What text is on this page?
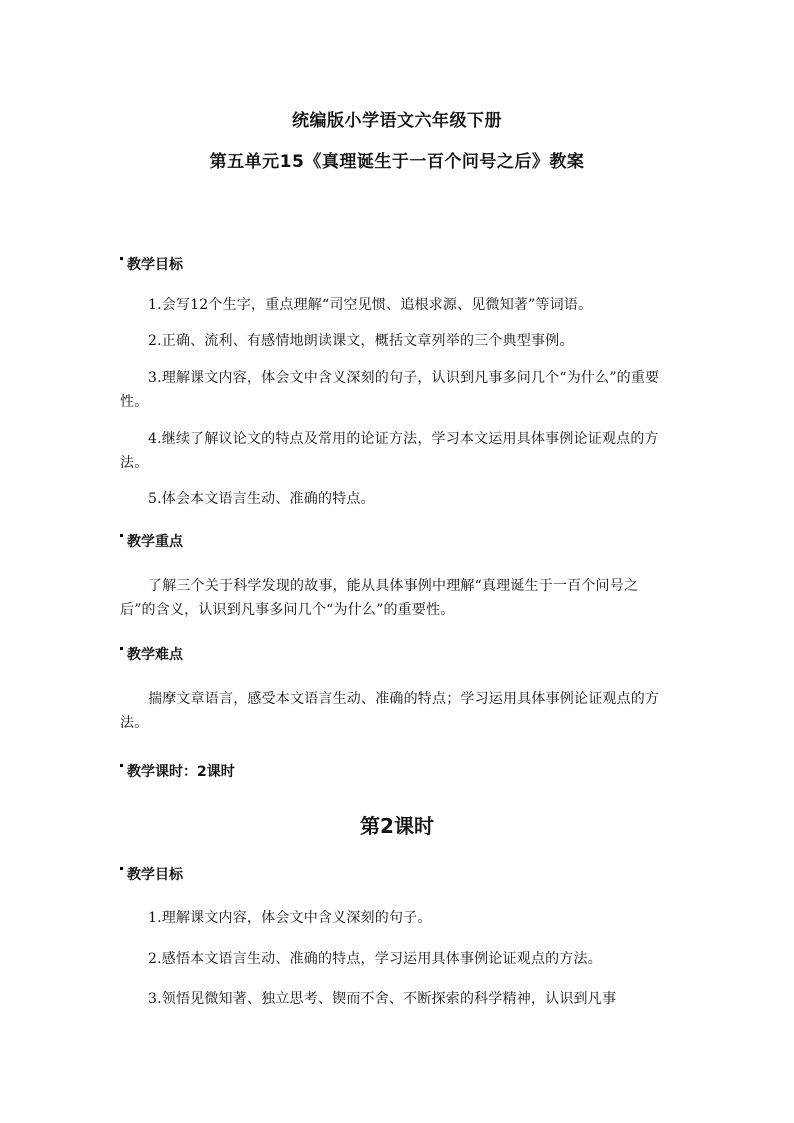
统编版小学语文六年级下册
第五单元15《真理诞生于一百个问号之后》教案
教学目标
1.会写12个生字，重点理解“司空见惯、追根求源、见微知著”等词语。
2.正确、流利、有感情地朗读课文，概括文章列举的三个典型事例。
3.理解课文内容，体会文中含义深刻的句子，认识到凡事多问几个“为什么”的重要性。
4.继续了解议论文的特点及常用的论证方法，学习本文运用具体事例论证观点的方法。
5.体会本文语言生动、准确的特点。
教学重点
了解三个关于科学发现的故事，能从具体事例中理解“真理诞生于一百个问号之后”的含义，认识到凡事多问几个“为什么”的重要性。
教学难点
揣摩文章语言，感受本文语言生动、准确的特点；学习运用具体事例论证观点的方法。
教学课时：2课时
第2课时
教学目标
1.理解课文内容，体会文中含义深刻的句子。
2.感悟本文语言生动、准确的特点，学习运用具体事例论证观点的方法。
3.领悟见微知著、独立思考、锲而不舍、不断探索的科学精神，认识到凡事
